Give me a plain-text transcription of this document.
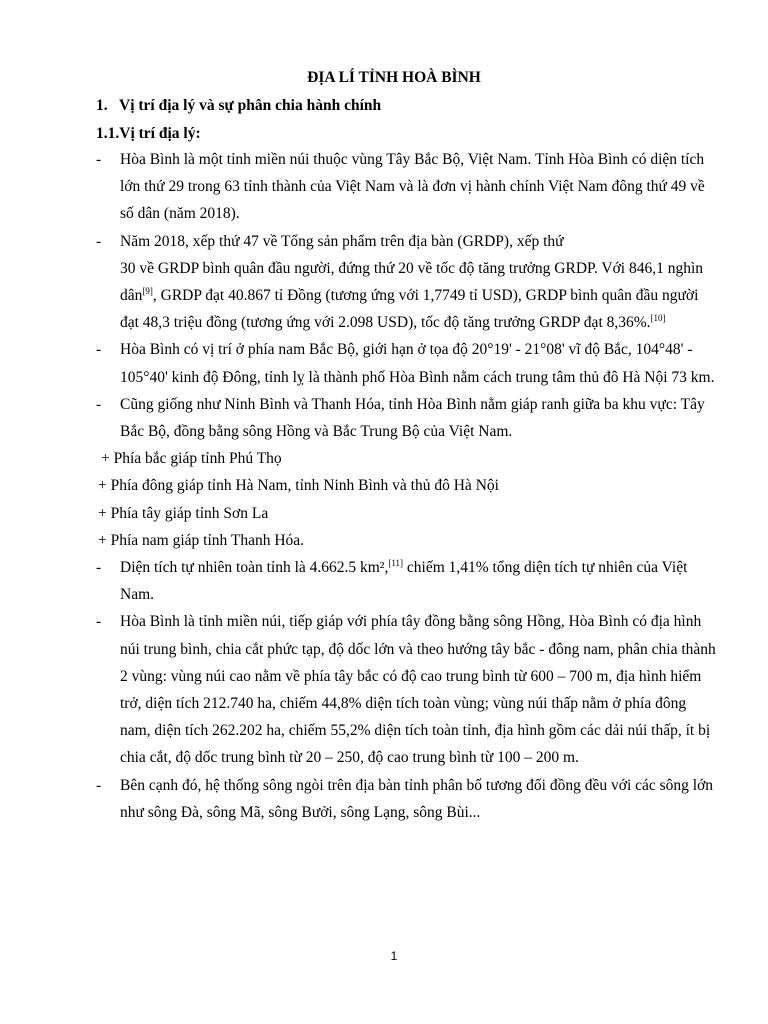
ĐỊA LÍ TỈNH HOÀ BÌNH
1. Vị trí địa lý và sự phân chia hành chính
1.1.Vị trí địa lý:
- Hòa Bình là một tỉnh miền núi thuộc vùng Tây Bắc Bộ, Việt Nam. Tỉnh Hòa Bình có diện tích lớn thứ 29 trong 63 tỉnh thành của Việt Nam và là đơn vị hành chính Việt Nam đông thứ 49 về số dân (năm 2018).
- Năm 2018, xếp thứ 47 về Tổng sản phẩm trên địa bàn (GRDP), xếp thứ
30 về GRDP bình quân đầu người, đứng thứ 20 về tốc độ tăng trưởng GRDP. Với 846,1 nghìn dân[9], GRDP đạt 40.867 tỉ Đồng (tương ứng với 1,7749 tỉ USD), GRDP bình quân đầu người đạt 48,3 triệu đồng (tương ứng với 2.098 USD), tốc độ tăng trưởng GRDP đạt 8,36%.[10]
- Hòa Bình có vị trí ở phía nam Bắc Bộ, giới hạn ở tọa độ 20°19' - 21°08' vĩ độ Bắc, 104°48' - 105°40' kinh độ Đông, tỉnh lỵ là thành phố Hòa Bình nằm cách trung tâm thủ đô Hà Nội 73 km.
- Cũng giống như Ninh Bình và Thanh Hóa, tỉnh Hòa Bình nằm giáp ranh giữa ba khu vực: Tây Bắc Bộ, đồng bằng sông Hồng và Bắc Trung Bộ của Việt Nam.
+ Phía bắc giáp tỉnh Phú Thọ
+ Phía đông giáp tỉnh Hà Nam, tỉnh Ninh Bình và thủ đô Hà Nội
+ Phía tây giáp tỉnh Sơn La
+ Phía nam giáp tỉnh Thanh Hóa.
- Diện tích tự nhiên toàn tỉnh là 4.662.5 km²,[11] chiếm 1,41% tổng diện tích tự nhiên của Việt Nam.
- Hòa Bình là tỉnh miền núi, tiếp giáp với phía tây đồng bằng sông Hồng, Hòa Bình có địa hình núi trung bình, chia cắt phức tạp, độ dốc lớn và theo hướng tây bắc - đông nam, phân chia thành 2 vùng: vùng núi cao nằm về phía tây bắc có độ cao trung bình từ 600 – 700 m, địa hình hiểm trở, diện tích 212.740 ha, chiếm 44,8% diện tích toàn vùng; vùng núi thấp nằm ở phía đông nam, diện tích 262.202 ha, chiếm 55,2% diện tích toàn tỉnh, địa hình gồm các dải núi thấp, ít bị chia cắt, độ dốc trung bình từ 20 – 250, độ cao trung bình từ 100 – 200 m.
- Bên cạnh đó, hệ thống sông ngòi trên địa bàn tỉnh phân bố tương đối đồng đều với các sông lớn như sông Đà, sông Mã, sông Bưởi, sông Lạng, sông Bùi...
1
